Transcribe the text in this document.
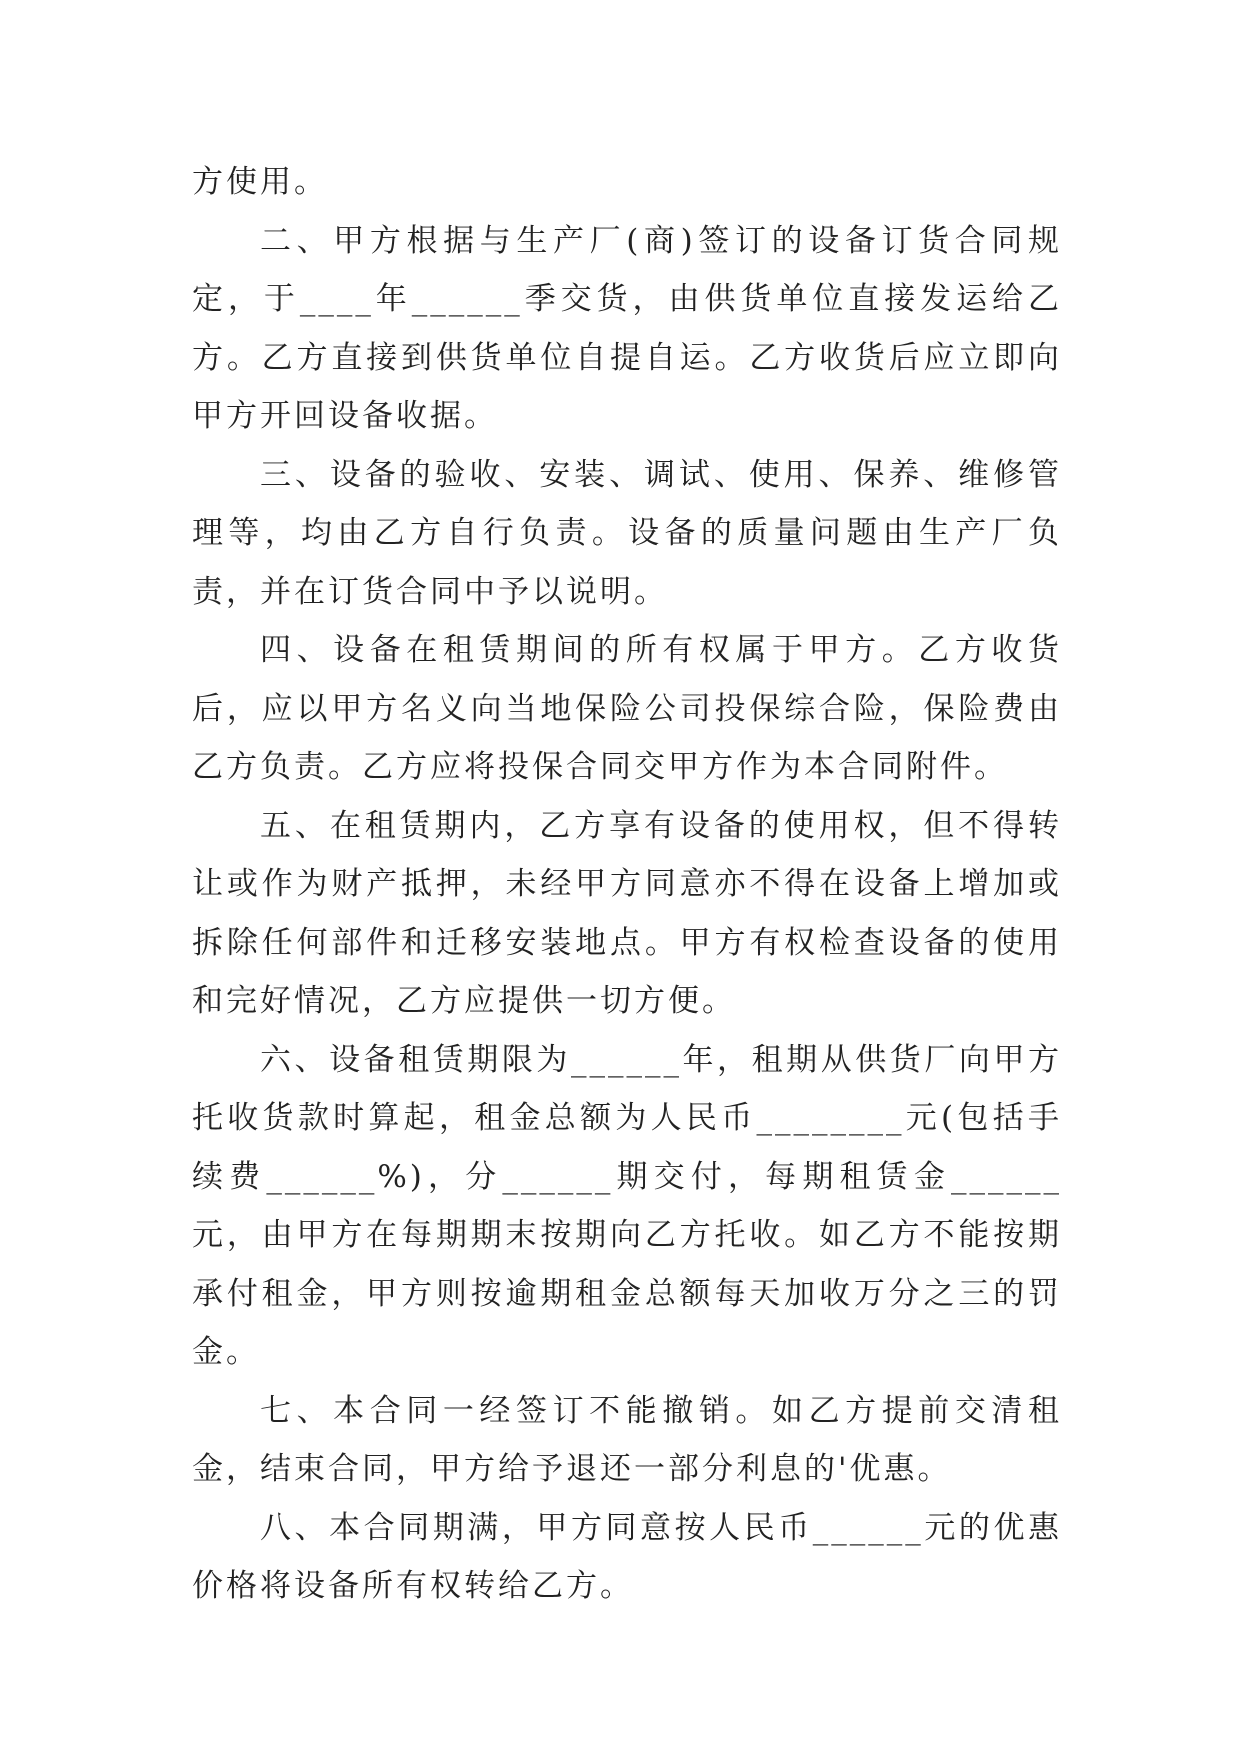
方使用。

二、甲方根据与生产厂(商)签订的设备订货合同规定，于____年______季交货，由供货单位直接发运给乙方。乙方直接到供货单位自提自运。乙方收货后应立即向甲方开回设备收据。

三、设备的验收、安装、调试、使用、保养、维修管理等，均由乙方自行负责。设备的质量问题由生产厂负责，并在订货合同中予以说明。

四、设备在租赁期间的所有权属于甲方。乙方收货后，应以甲方名义向当地保险公司投保综合险，保险费由乙方负责。乙方应将投保合同交甲方作为本合同附件。

五、在租赁期内，乙方享有设备的使用权，但不得转让或作为财产抵押，未经甲方同意亦不得在设备上增加或拆除任何部件和迁移安装地点。甲方有权检查设备的使用和完好情况，乙方应提供一切方便。

六、设备租赁期限为______年，租期从供货厂向甲方托收货款时算起，租金总额为人民币________元(包括手续费______%)，分______期交付，每期租赁金______元，由甲方在每期期末按期向乙方托收。如乙方不能按期承付租金，甲方则按逾期租金总额每天加收万分之三的罚金。

七、本合同一经签订不能撤销。如乙方提前交清租金，结束合同，甲方给予退还一部分利息的'优惠。

八、本合同期满，甲方同意按人民币______元的优惠价格将设备所有权转给乙方。
